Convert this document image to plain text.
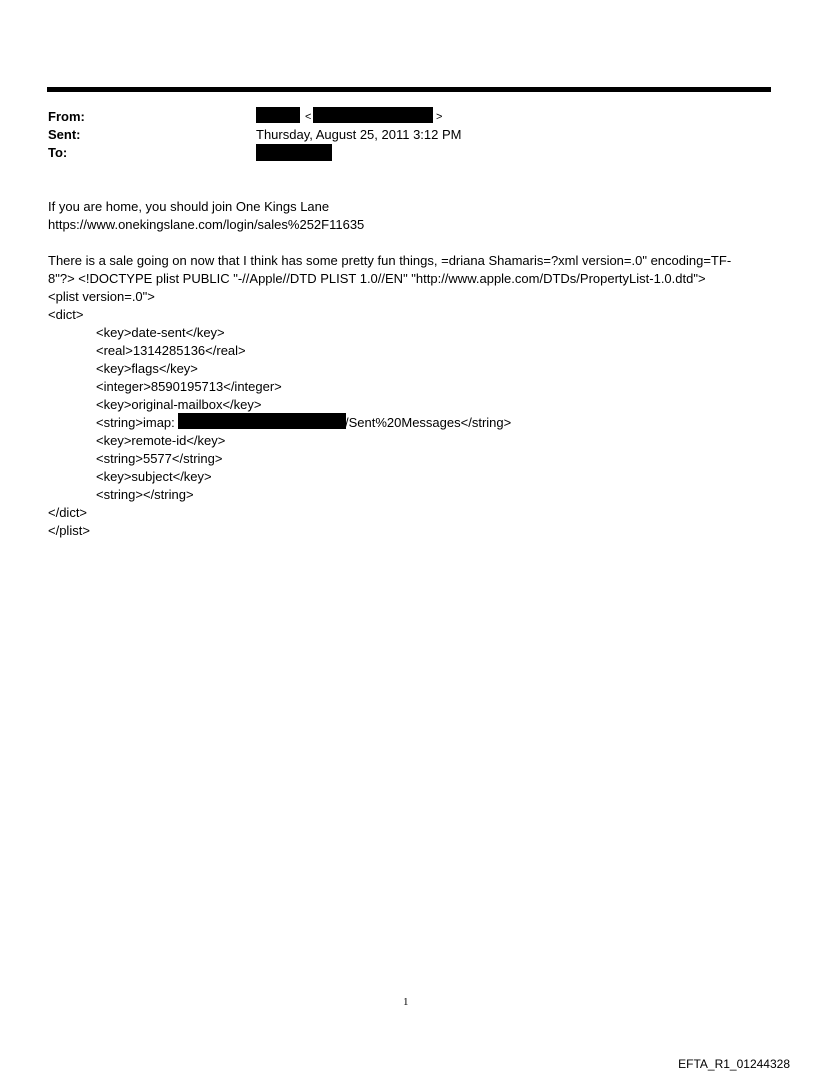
From:	<	>
Sent:	Thursday, August 25, 2011 3:12 PM
To:
If you are home, you should join One Kings Lane
https://www.onekingslane.com/login/sales%252F11635
There is a sale going on now that I think has some pretty fun things, =driana Shamaris=?xml version=.0" encoding=TF-
8"?> <!DOCTYPE plist PUBLIC "-//Apple//DTD PLIST 1.0//EN" "http://www.apple.com/DTDs/PropertyList-1.0.dtd">
<plist version=.0">
<dict>
<key>date-sent</key>
<real>1314285136</real>
<key>flags</key>
<integer>8590195713</integer>
<key>original-mailbox</key>
<string>imap:	/Sent%20Messages</string>
<key>remote-id</key>
<string>5577</string>
<key>subject</key>
<string></string>
</dict>
</plist>
1
EFTA_R1_01244328
